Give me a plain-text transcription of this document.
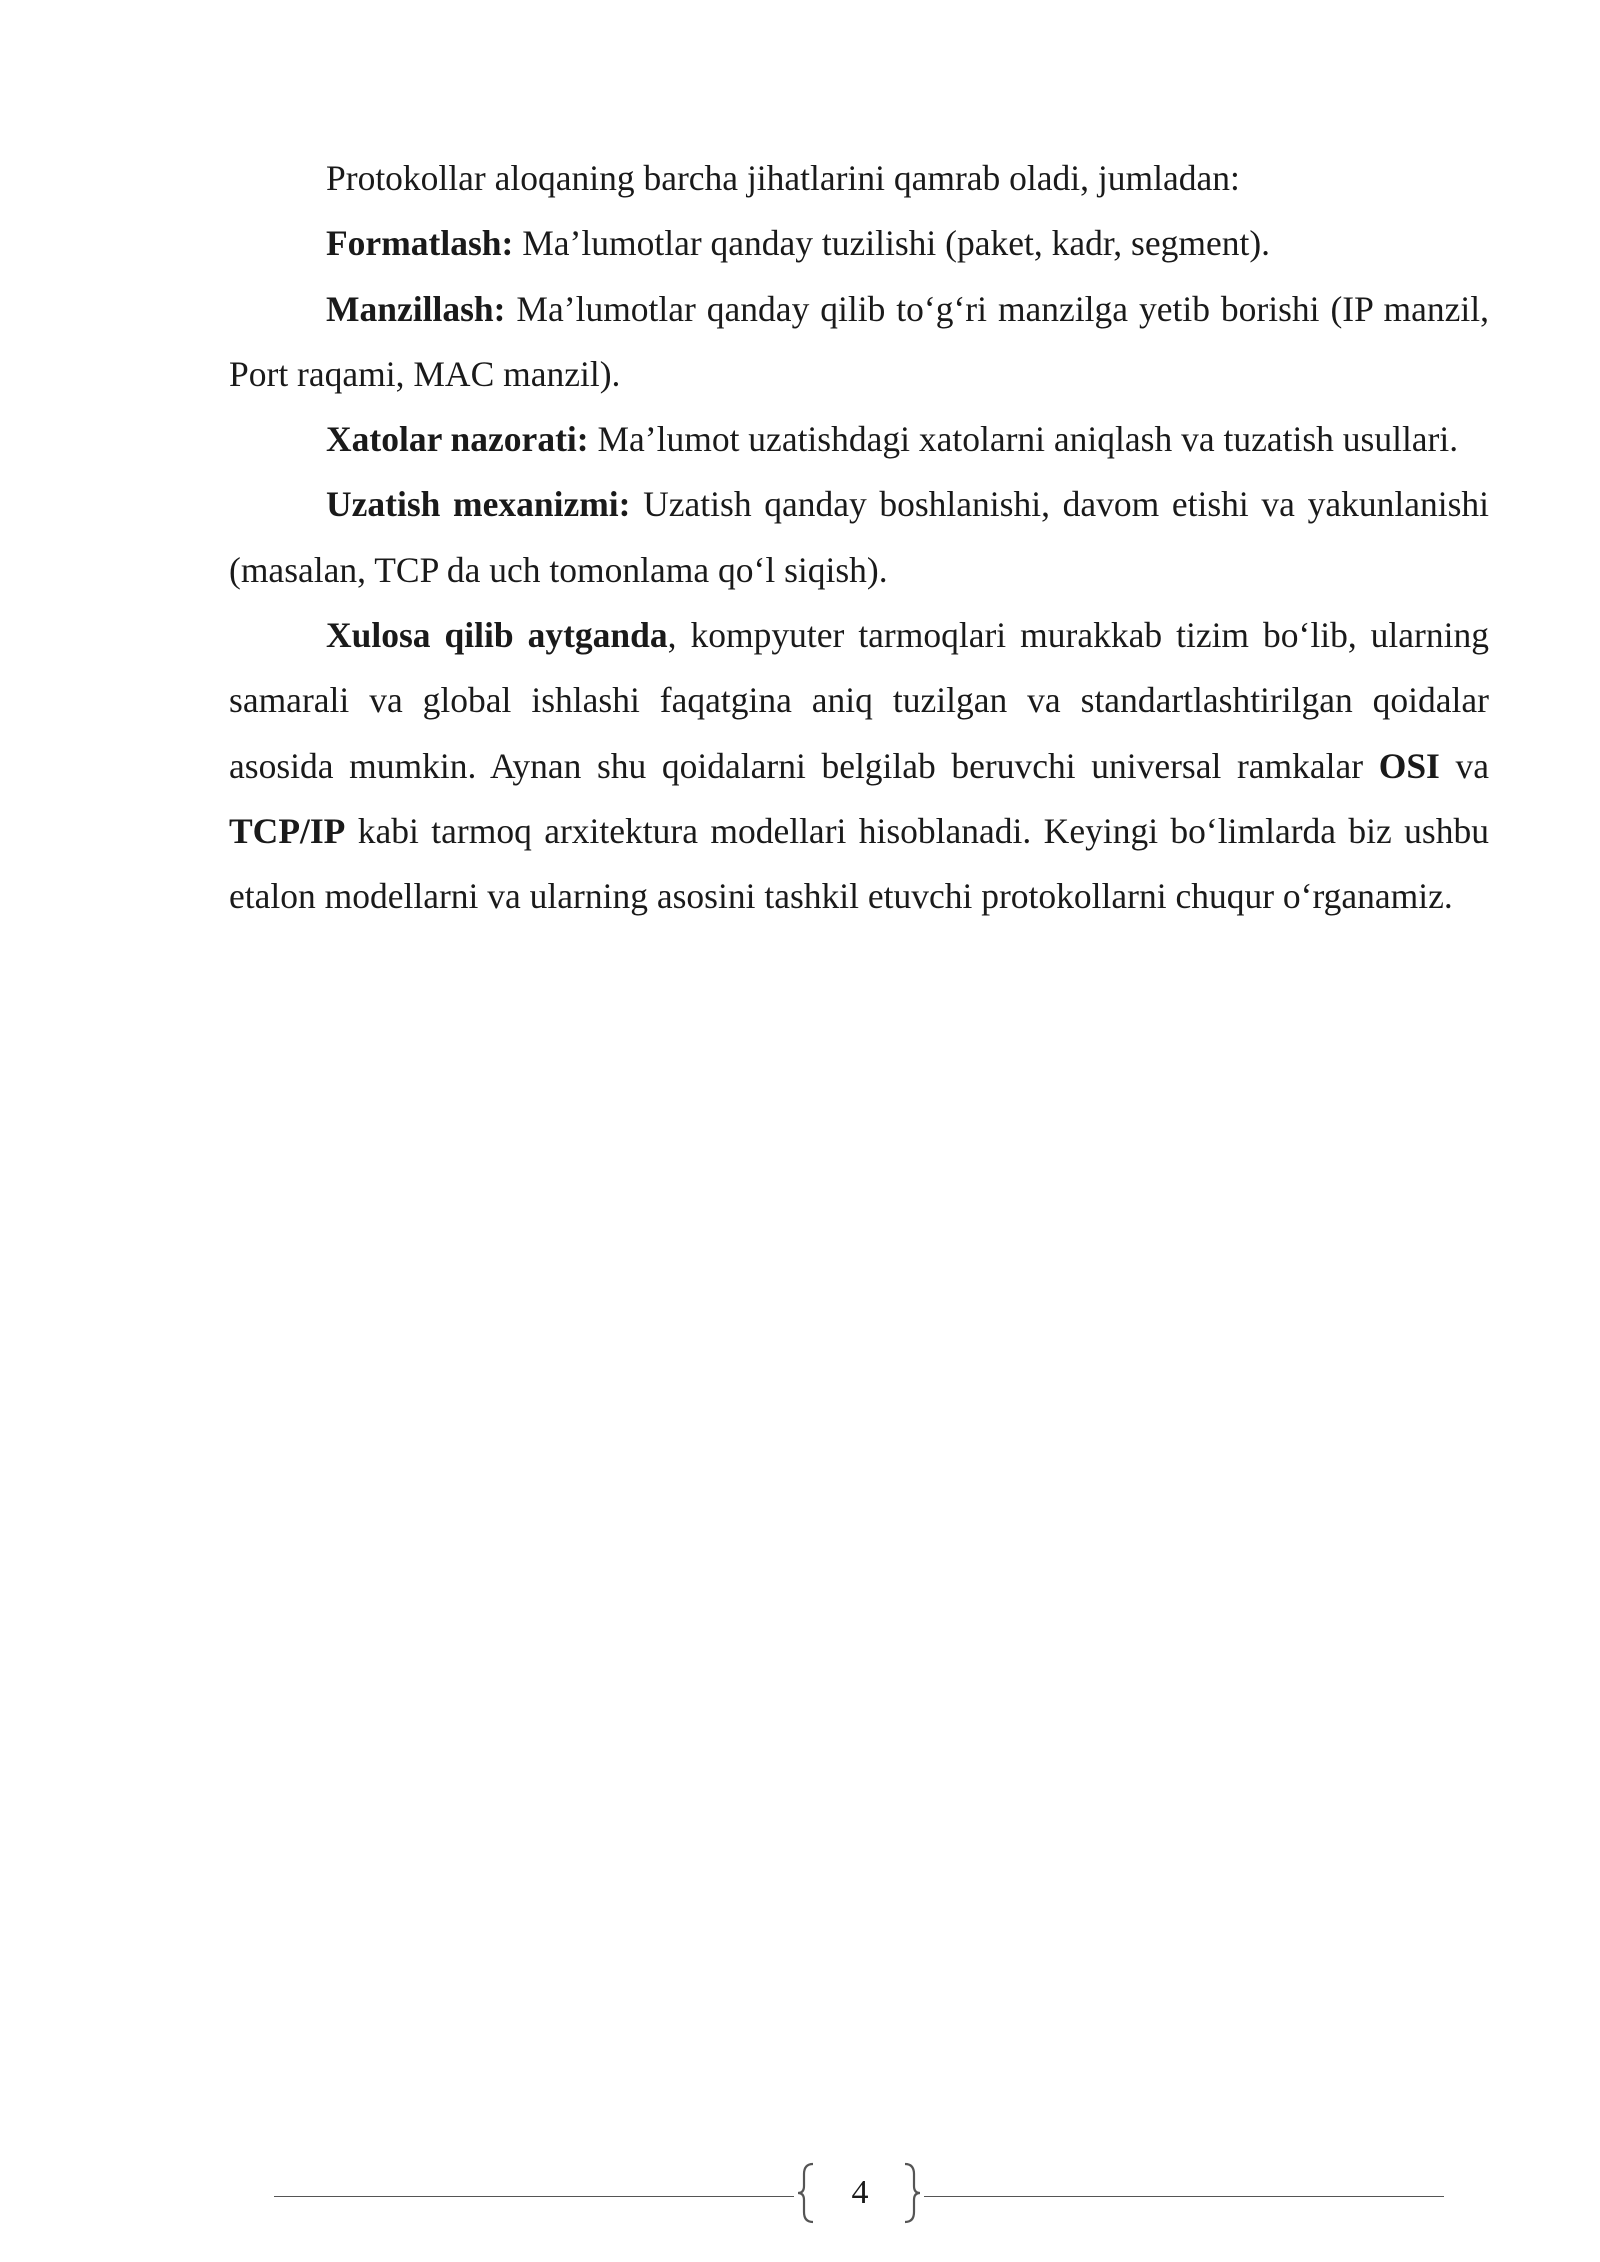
Protokollar aloqaning barcha jihatlarini qamrab oladi, jumladan:

Formatlash: Ma’lumotlar qanday tuzilishi (paket, kadr, segment).

Manzillash: Ma’lumotlar qanday qilib to‘g‘ri manzilga yetib borishi (IP manzil, Port raqami, MAC manzil).

Xatolar nazorati: Ma’lumot uzatishdagi xatolarni aniqlash va tuzatish usullari.

Uzatish mexanizmi: Uzatish qanday boshlanishi, davom etishi va yakunlanishi (masalan, TCP da uch tomonlama qo‘l siqish).

Xulosa qilib aytganda, kompyuter tarmoqlari murakkab tizim bo‘lib, ularning samarali va global ishlashi faqatgina aniq tuzilgan va standartlashtirilgan qoidalar asosida mumkin. Aynan shu qoidalarni belgilab beruvchi universal ramkalar OSI va TCP/IP kabi tarmoq arxitektura modellari hisoblanadi. Keyingi bo‘limlarda biz ushbu etalon modellarni va ularning asosini tashkil etuvchi protokollarni chuqur o‘rganamiz.

4
